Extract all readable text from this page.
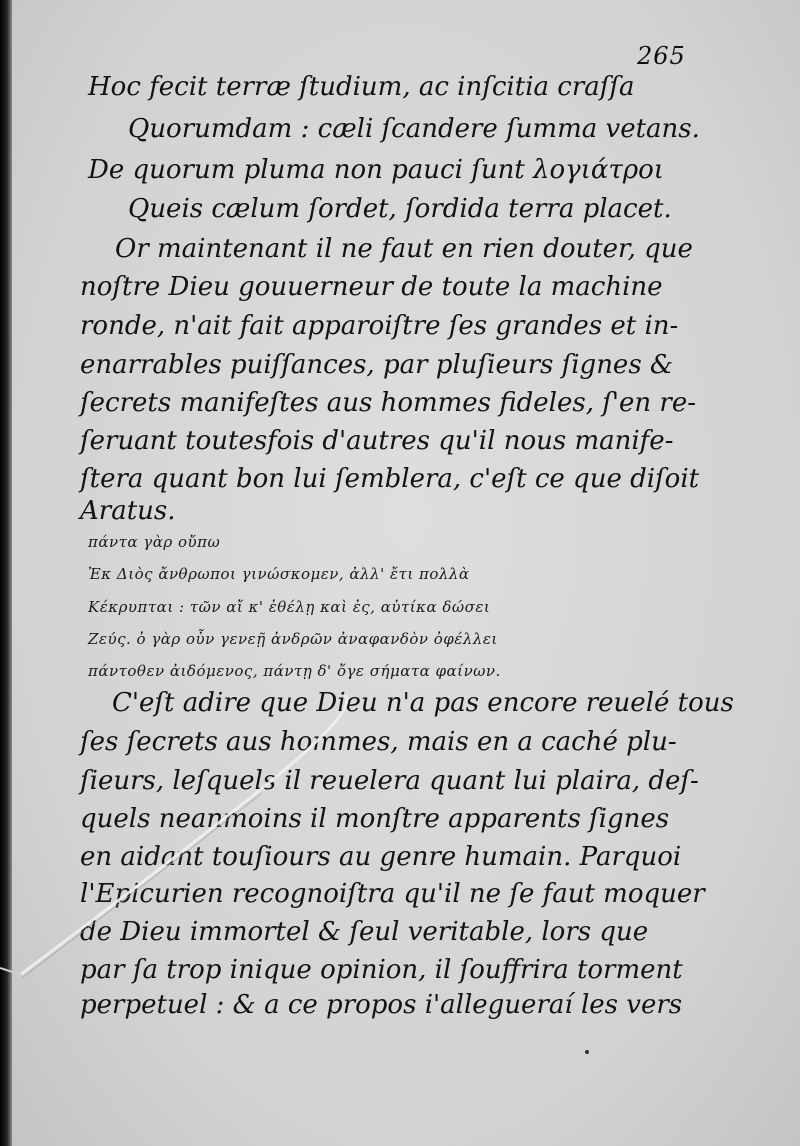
265
Hoc fecit terræ ſtudium, ac inſcitia craſſa
Quorumdam : cæli ſcandere ſumma vetans.
De quorum pluma non pauci ſunt λογιάτροι
Queis cælum ſordet, ſordida terra placet.
Or maintenant il ne faut en rien douter, que
noſtre Dieu gouuerneur de toute la machine
ronde, n'ait fait apparoiſtre ſes grandes et in-
enarrables puiſſances, par pluſieurs ſignes &
ſecrets manifeſtes aus hommes fideles, ſ'en re-
ſeruant toutesfois d'autres qu'il nous manife-
ſtera quant bon lui ſemblera, c'eſt ce que diſoit
Aratus.
πάντα γὰρ οὔπω
Ἐκ Διὸς ἄνθρωποι γινώσκομεν, ἀλλ' ἔτι πολλὰ
Κέκρυπται : τῶν αἴ κ' ἐθέλῃ καὶ ἐς, αὐτίκα δώσει
Ζεύς. ὁ γὰρ οὖν γενεῇ ἀνδρῶν ἀναφανδὸν ὀφέλλει
πάντοθεν ἀιδόμενος, πάντῃ δ' ὄγε σήματα φαίνων.
C'eſt adire que Dieu n'a pas encore reuelé tous
ſes ſecrets aus hommes, mais en a caché plu-
ſieurs, leſquels il reuelera quant lui plaira, deſ-
quels neanmoins il monſtre apparents ſignes
en aidant touſiours au genre humain. Parquoi
l'Epicurien recognoiſtra qu'il ne ſe faut moquer
de Dieu immortel & ſeul veritable, lors que
par ſa trop inique opinion, il ſouffrira torment
perpetuel : & a ce propos i'allegueraí les vers
